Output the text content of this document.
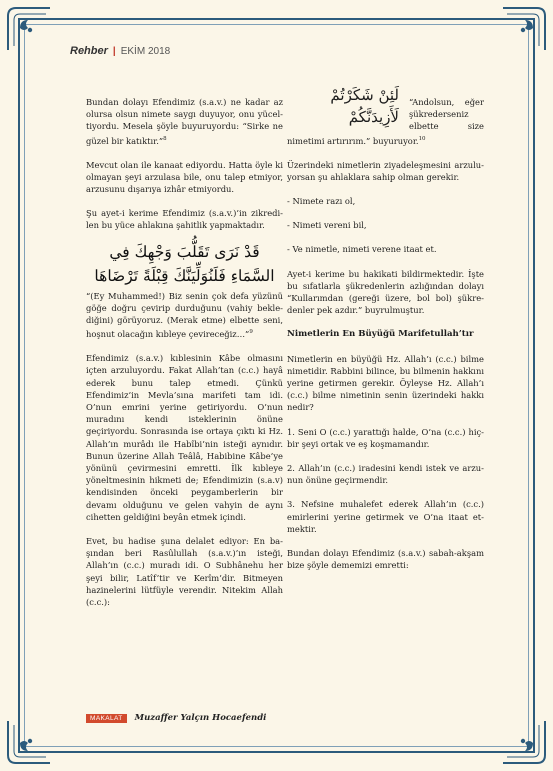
Rehber | EKİM 2018

Bundan dolayı Efendimiz (s.a.v.) ne kadar az olursa olsun nimete saygı duyuyor, onu yüceltiyordu. Mesela şöyle buyuruyordu: “Sirke ne güzel bir katıktır.”$^8$

Mevcut olan ile kanaat ediyordu. Hatta öyle ki olmayan şeyi arzulasa bile, onu talep etmiyor, arzusunu dışarıya izhâr etmiyordu.

Şu ayet-i kerime Efendimiz (s.a.v.)’in zikredilen bu yüce ahlakına şahitlik yapmaktadır.

قَدْ نَرَى تَقَلُّبَ وَجْهِكَ فِي السَّمَاءِ فَلَنُوَلِّيَنَّكَ قِبْلَةً تَرْضَاهَا

“(Ey Muhammed!) Biz senin çok defa yüzünü göğe doğru çevirip durduğunu (vahiy beklediğini) görüyoruz. (Merak etme) elbette seni, hoşnut olacağın kıbleye çevireceğiz…”$^9$

Efendimiz (s.a.v.) kıblesinin Kâbe olmasını içten arzuluyordu. Fakat Allah’tan (c.c.) hayâ ederek bunu talep etmedi. Çünkü Efendimiz’in Mevla’sına marifeti tam idi. O’nun emrini yerine getiriyordu. O’nun muradını kendi isteklerinin önüne geçiriyordu. Sonrasında ise ortaya çıktı ki Hz. Allah’ın murâdı ile Habîbi’nin isteği aynıdır. Bunun üzerine Allah Teâlâ, Habibine Kâbe’ye yönünü çevirmesini emretti. İlk kıbleye yöneltmesinin hikmeti de; Efendimizin (s.a.v) kendisinden önceki peygamberlerin bir devamı olduğunu ve gelen vahyin de aynı cihetten geldiğini beyân etmek içindi.

Evet, bu hadise şuna delalet ediyor: En başından beri Rasûlullah (s.a.v.)’ın isteği, Allah’ın (c.c.) muradı idi. O Subhânehu her şeyi bilir, Latîf’tir ve Kerîm’dir. Bitmeyen hazinelerini lütfüyle verendir. Nitekim Allah (c.c.):

لَئِنْ شَكَرْتُمْ لَأَزِيدَنَّكُمْ
“Andolsun, eğer şükrederseniz elbette size nimetimi artırırım.” buyuruyor.$^{10}$

Üzerindeki nimetlerin ziyadeleşmesini arzuluyorsan şu ahlaklara sahip olman gerekir.

- Nimete razı ol,

- Nimeti vereni bil,

- Ve nimetle, nimeti verene itaat et.

Ayet-i kerime bu hakikati bildirmektedir. İşte bu sıfatlarla şükredenlerin azlığından dolayı “Kullarımdan (gereği üzere, bol bol) şükredenler pek azdır.” buyrulmuştur.

Nimetlerin En Büyüğü Marifetullah’tır

Nimetlerin en büyüğü Hz. Allah’ı (c.c.) bilme nimetidir. Rabbini bilince, bu bilmenin hakkını yerine getirmen gerekir. Öyleyse Hz. Allah’ı (c.c.) bilme nimetinin senin üzerindeki hakkı nedir?

1. Seni O (c.c.) yarattığı halde, O’na (c.c.) hiçbir şeyi ortak ve eş koşmamandır.

2. Allah’ın (c.c.) iradesini kendi istek ve arzunun önüne geçirmendir.

3. Nefsine muhalefet ederek Allah’ın (c.c.) emirlerini yerine getirmek ve O’na itaat etmektir.

Bundan dolayı Efendimiz (s.a.v.) sabah-akşam bize şöyle dememizi emretti:

MAKALAT	Muzaffer Yalçın Hocaefendi
